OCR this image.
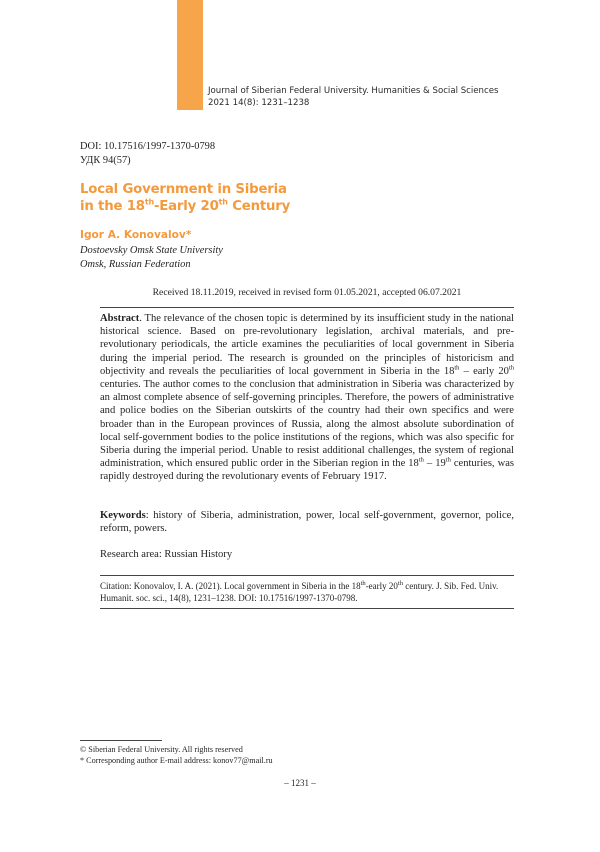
Journal of Siberian Federal University. Humanities & Social Sciences
2021 14(8): 1231–1238
DOI: 10.17516/1997-1370-0798
УДК 94(57)
Local Government in Siberia
in the 18th-Early 20th Century
Igor A. Konovalov*
Dostoevsky Omsk State University
Omsk, Russian Federation
Received 18.11.2019, received in revised form 01.05.2021, accepted 06.07.2021
Abstract. The relevance of the chosen topic is determined by its insufficient study in the national historical science. Based on pre-revolutionary legislation, archival materials, and pre-revolutionary periodicals, the article examines the peculiarities of local government in Siberia during the imperial period. The research is grounded on the principles of historicism and objectivity and reveals the peculiarities of local government in Siberia in the 18th – early 20th centuries. The author comes to the conclusion that administration in Siberia was characterized by an almost complete absence of self-governing principles. Therefore, the powers of administrative and police bodies on the Siberian outskirts of the country had their own specifics and were broader than in the European provinces of Russia, along the almost absolute subordination of local self-government bodies to the police institutions of the regions, which was also specific for Siberia during the imperial period. Unable to resist additional challenges, the system of regional administration, which ensured public order in the Siberian region in the 18th – 19th centuries, was rapidly destroyed during the revolutionary events of February 1917.
Keywords: history of Siberia, administration, power, local self-government, governor, police, reform, powers.
Research area: Russian History
Citation: Konovalov, I. A. (2021). Local government in Siberia in the 18th-early 20th century. J. Sib. Fed. Univ. Humanit. soc. sci., 14(8), 1231–1238. DOI: 10.17516/1997-1370-0798.
© Siberian Federal University. All rights reserved
* Corresponding author E-mail address: konov77@mail.ru
– 1231 –
